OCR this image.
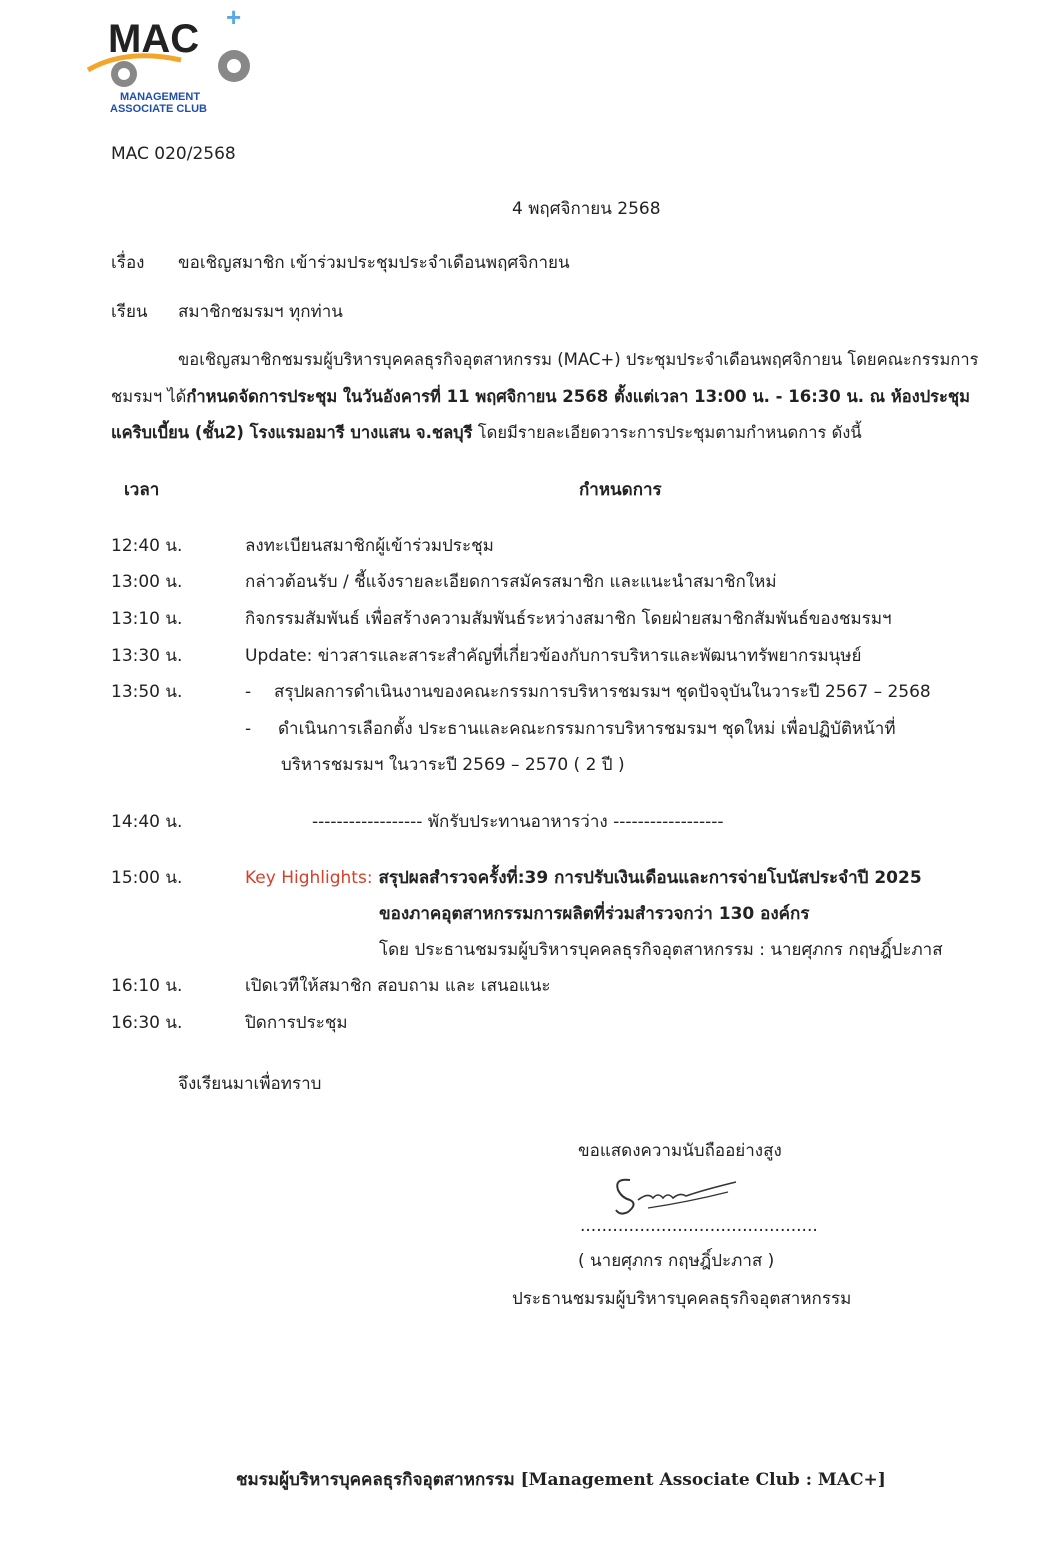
MAC +
MANAGEMENT
ASSOCIATE CLUB
MAC 020/2568
4 พฤศจิกายน 2568
เรื่อง ขอเชิญสมาชิก เข้าร่วมประชุมประจำเดือนพฤศจิกายน
เรียน สมาชิกชมรมฯ ทุกท่าน
ขอเชิญสมาชิกชมรมผู้บริหารบุคคลธุรกิจอุตสาหกรรม (MAC+) ประชุมประจำเดือนพฤศจิกายน โดยคณะกรรมการ
ชมรมฯ ได้กำหนดจัดการประชุม ในวันอังคารที่ 11 พฤศจิกายน 2568 ตั้งแต่เวลา 13:00 น. - 16:30 น. ณ ห้องประชุม
แคริบเบี้ยน (ชั้น2) โรงแรมอมารี บางแสน จ.ชลบุรี โดยมีรายละเอียดวาระการประชุมตามกำหนดการ ดังนี้
เวลา	กำหนดการ
12:40 น.	ลงทะเบียนสมาชิกผู้เข้าร่วมประชุม
13:00 น.	กล่าวต้อนรับ / ชี้แจ้งรายละเอียดการสมัครสมาชิก และแนะนำสมาชิกใหม่
13:10 น.	กิจกรรมสัมพันธ์ เพื่อสร้างความสัมพันธ์ระหว่างสมาชิก โดยฝ่ายสมาชิกสัมพันธ์ของชมรมฯ
13:30 น.	Update: ข่าวสารและสาระสำคัญที่เกี่ยวข้องกับการบริหารและพัฒนาทรัพยากรมนุษย์
13:50 น.	- สรุปผลการดำเนินงานของคณะกรรมการบริหารชมรมฯ ชุดปัจจุบันในวาระปี 2567 – 2568
- ดำเนินการเลือกตั้ง ประธานและคณะกรรมการบริหารชมรมฯ ชุดใหม่ เพื่อปฏิบัติหน้าที่
บริหารชมรมฯ ในวาระปี 2569 – 2570 ( 2 ปี )
14:40 น.	------------------ พักรับประทานอาหารว่าง ------------------
15:00 น.	Key Highlights: สรุปผลสำรวจครั้งที่:39 การปรับเงินเดือนและการจ่ายโบนัสประจำปี 2025
ของภาคอุตสาหกรรมการผลิตที่ร่วมสำรวจกว่า 130 องค์กร
โดย ประธานชมรมผู้บริหารบุคคลธุรกิจอุตสาหกรรม : นายศุภกร กฤษฎิ์ปะภาส
16:10 น.	เปิดเวทีให้สมาชิก สอบถาม และ เสนอแนะ
16:30 น.	ปิดการประชุม
จึงเรียนมาเพื่อทราบ
ขอแสดงความนับถืออย่างสูง
............................................
( นายศุภกร กฤษฎิ์ปะภาส )
ประธานชมรมผู้บริหารบุคคลธุรกิจอุตสาหกรรม
ชมรมผู้บริหารบุคคลธุรกิจอุตสาหกรรม [Management Associate Club : MAC+]
